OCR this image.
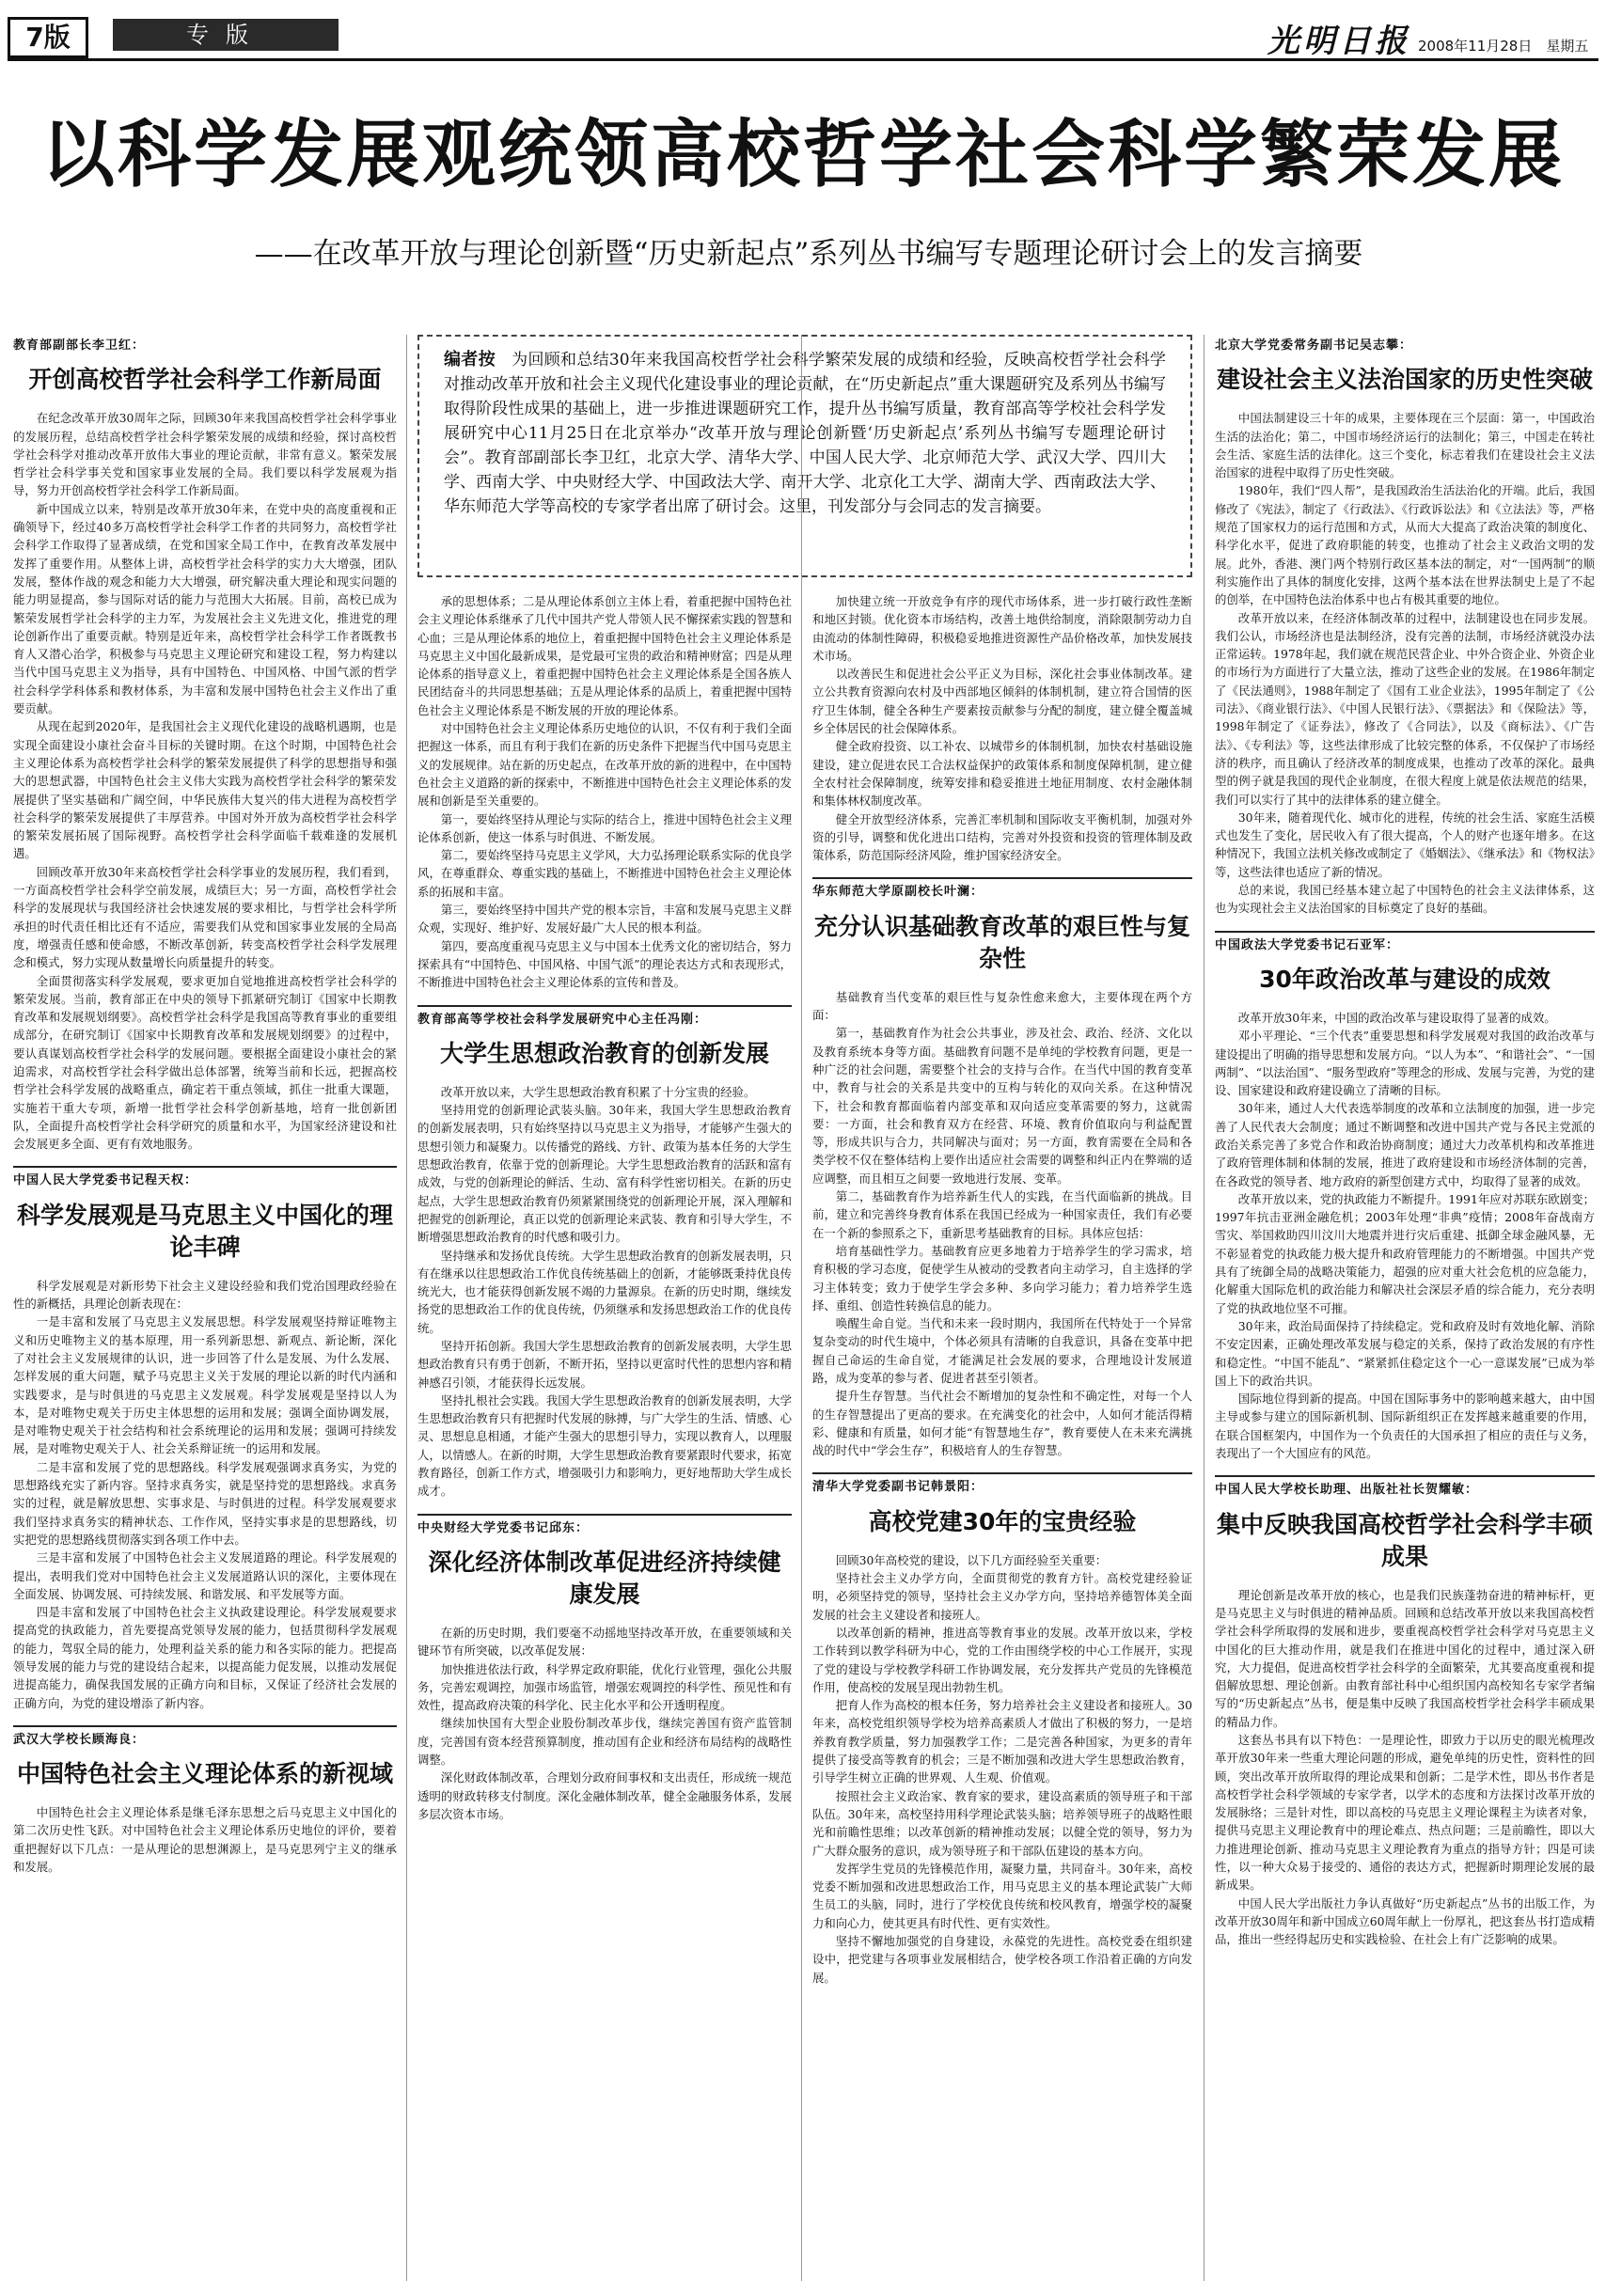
7版	专版	光明日报 2008年11月28日　星期五
以科学发展观统领高校哲学社会科学繁荣发展
——在改革开放与理论创新暨“历史新起点”系列丛书编写专题理论研讨会上的发言摘要
编者按　 为回顾和总结30年来我国高校哲学社会科学繁荣发展的成绩和经验，反映高校哲学社会科学对推动改革开放和社会主义现代化建设事业的理论贡献，在“历史新起点”重大课题研究及系列丛书编写取得阶段性成果的基础上，进一步推进课题研究工作，提升丛书编写质量，教育部高等学校社会科学发展研究中心11月25日在北京举办“改革开放与理论创新暨‘历史新起点’系列丛书编写专题理论研讨会”。教育部副部长李卫红，北京大学、清华大学、中国人民大学、北京师范大学、武汉大学、四川大学、西南大学、中央财经大学、中国政法大学、南开大学、北京化工大学、湖南大学、西南政法大学、华东师范大学等高校的专家学者出席了研讨会。这里，刊发部分与会同志的发言摘要。
教育部副部长李卫红：
开创高校哲学社会科学工作新局面

在纪念改革开放30周年之际，回顾30年来我国高校哲学社会科学事业的发展历程，总结高校哲学社会科学繁荣发展的成绩和经验，探讨高校哲学社会科学对推动改革开放伟大事业的理论贡献，非常有意义。繁荣发展哲学社会科学事关党和国家事业发展的全局。我们要以科学发展观为指导，努力开创高校哲学社会科学工作新局面。

新中国成立以来，特别是改革开放30年来，在党中央的高度重视和正确领导下，经过40多万高校哲学社会科学工作者的共同努力，高校哲学社会科学工作取得了显著成绩，在党和国家全局工作中，在教育改革发展中发挥了重要作用。从整体上讲，高校哲学社会科学的实力大大增强，团队发展，整体作战的观念和能力大大增强，研究解决重大理论和现实问题的能力明显提高，参与国际对话的能力与范围大大拓展。目前，高校已成为繁荣发展哲学社会科学的主力军，为发展社会主义先进文化，推进党的理论创新作出了重要贡献。特别是近年来，高校哲学社会科学工作者既教书育人又潜心治学，积极参与马克思主义理论研究和建设工程，努力构建以当代中国马克思主义为指导，具有中国特色、中国风格、中国气派的哲学社会科学学科体系和教材体系，为丰富和发展中国特色社会主义作出了重要贡献。

从现在起到2020年，是我国社会主义现代化建设的战略机遇期，也是实现全面建设小康社会奋斗目标的关键时期。在这个时期，中国特色社会主义理论体系为高校哲学社会科学的繁荣发展提供了科学的思想指导和强大的思想武器，中国特色社会主义伟大实践为高校哲学社会科学的繁荣发展提供了坚实基础和广阔空间，中华民族伟大复兴的伟大进程为高校哲学社会科学的繁荣发展提供了丰厚营养。中国对外开放为高校哲学社会科学的繁荣发展拓展了国际视野。高校哲学社会科学面临千载难逢的发展机遇。

回顾改革开放30年来高校哲学社会科学事业的发展历程，我们看到，一方面高校哲学社会科学空前发展，成绩巨大；另一方面，高校哲学社会科学的发展现状与我国经济社会快速发展的要求相比，与哲学社会科学所承担的时代责任相比还有不适应，需要我们从党和国家事业发展的全局高度，增强责任感和使命感，不断改革创新，转变高校哲学社会科学发展理念和模式，努力实现从数量增长向质量提升的转变。

全面贯彻落实科学发展观，要求更加自觉地推进高校哲学社会科学的繁荣发展。当前，教育部正在中央的领导下抓紧研究制订《国家中长期教育改革和发展规划纲要》。高校哲学社会科学是我国高等教育事业的重要组成部分，在研究制订《国家中长期教育改革和发展规划纲要》的过程中，要认真谋划高校哲学社会科学的发展问题。要根据全面建设小康社会的紧迫需求，对高校哲学社会科学做出总体部署，统筹当前和长远，把握高校哲学社会科学发展的战略重点，确定若干重点领域，抓住一批重大课题，实施若干重大专项，新增一批哲学社会科学创新基地，培育一批创新团队，全面提升高校哲学社会科学研究的质量和水平，为国家经济建设和社会发展更多全面、更有有效地服务。

中国人民大学党委书记程天权：
科学发展观是马克思主义中国化的理论丰碑

科学发展观是对新形势下社会主义建设经验和我们党治国理政经验在性的新概括，具理论创新表现在：

一是丰富和发展了马克思主义发展思想。科学发展观坚持辩证唯物主义和历史唯物主义的基本原理，用一系列新思想、新观点、新论断，深化了对社会主义发展规律的认识，进一步回答了什么是发展、为什么发展、怎样发展的重大问题，赋予马克思主义关于发展的理论以新的时代内涵和实践要求，是与时俱进的马克思主义发展观。科学发展观是坚持以人为本，是对唯物史观关于历史主体思想的运用和发展；强调全面协调发展，是对唯物史观关于社会结构和社会系统理论的运用和发展；强调可持续发展，是对唯物史观关于人、社会关系辩证统一的运用和发展。

二是丰富和发展了党的思想路线。科学发展观强调求真务实，为党的思想路线充实了新内容。坚持求真务实，就是坚持党的思想路线。求真务实的过程，就是解放思想、实事求是、与时俱进的过程。科学发展观要求我们坚持求真务实的精神状态、工作作风，坚持实事求是的思想路线，切实把党的思想路线贯彻落实到各项工作中去。

三是丰富和发展了中国特色社会主义发展道路的理论。科学发展观的提出，表明我们党对中国特色社会主义发展道路认识的深化，主要体现在全面发展、协调发展、可持续发展、和谐发展、和平发展等方面。

四是丰富和发展了中国特色社会主义执政建设理论。科学发展观要求提高党的执政能力，首先要提高党领导发展的能力，包括贯彻科学发展观的能力，驾驭全局的能力，处理利益关系的能力和各实际的能力。把提高领导发展的能力与党的建设结合起来，以提高能力促发展，以推动发展促进提高能力，确保我国发展的正确方向和目标，又保证了经济社会发展的正确方向，为党的建设增添了新内容。

武汉大学校长顾海良：
中国特色社会主义理论体系的新视域

中国特色社会主义理论体系是继毛泽东思想之后马克思主义中国化的第二次历史性飞跃。对中国特色社会主义理论体系历史地位的评价，要着重把握好以下几点：一是从理论的思想渊源上，是马克思列宁主义的继承和发展。

承的思想体系；二是从理论体系创立主体上看，着重把握中国特色社会主义理论体系继承了几代中国共产党人带领人民不懈探索实践的智慧和心血；三是从理论体系的地位上，着重把握中国特色社会主义理论体系是马克思主义中国化最新成果，是党最可宝贵的政治和精神财富；四是从理论体系的指导意义上，着重把握中国特色社会主义理论体系是全国各族人民团结奋斗的共同思想基础；五是从理论体系的品质上，着重把握中国特色社会主义理论体系是不断发展的开放的理论体系。

对中国特色社会主义理论体系历史地位的认识，不仅有利于我们全面把握这一体系，而且有利于我们在新的历史条件下把握当代中国马克思主义的发展规律。站在新的历史起点，在改革开放的新的进程中，在中国特色社会主义道路的新的探索中，不断推进中国特色社会主义理论体系的发展和创新是至关重要的。

第一，要始终坚持从理论与实际的结合上，推进中国特色社会主义理论体系创新，使这一体系与时俱进、不断发展。

第二，要始终坚持马克思主义学风，大力弘扬理论联系实际的优良学风，在尊重群众、尊重实践的基础上，不断推进中国特色社会主义理论体系的拓展和丰富。

第三，要始终坚持中国共产党的根本宗旨，丰富和发展马克思主义群众观，实现好、维护好、发展好最广大人民的根本利益。

第四，要高度重视马克思主义与中国本土优秀文化的密切结合，努力探索具有“中国特色、中国风格、中国气派”的理论表达方式和表现形式，不断推进中国特色社会主义理论体系的宣传和普及。

教育部高等学校社会科学发展研究中心主任冯刚：
大学生思想政治教育的创新发展

改革开放以来，大学生思想政治教育积累了十分宝贵的经验。

坚持用党的创新理论武装头脑。30年来，我国大学生思想政治教育的创新发展表明，只有始终坚持以马克思主义为指导，才能够产生强大的思想引领力和凝聚力。以传播党的路线、方针、政策为基本任务的大学生思想政治教育，依靠于党的创新理论。大学生思想政治教育的活跃和富有成效，与党的创新理论的鲜活、生动、富有科学性密切相关。在新的历史起点，大学生思想政治教育仍须紧紧围绕党的创新理论开展，深入理解和把握党的创新理论，真正以党的创新理论来武装、教育和引导大学生，不断增强思想政治教育的时代感和吸引力。

坚持继承和发扬优良传统。大学生思想政治教育的创新发展表明，只有在继承以往思想政治工作优良传统基础上的创新，才能够既秉持优良传统光大，也才能获得创新发展不竭的力量源泉。在新的历史时期，继续发扬党的思想政治工作的优良传统，仍须继承和发扬思想政治工作的优良传统。

坚持开拓创新。我国大学生思想政治教育的创新发展表明，大学生思想政治教育只有勇于创新，不断开拓，坚持以更富时代性的思想内容和精神感召引领，才能获得长远发展。

坚持扎根社会实践。我国大学生思想政治教育的创新发展表明，大学生思想政治教育只有把握时代发展的脉搏，与广大学生的生活、情感、心灵、思想息息相通，才能产生强大的思想引导力，实现以教育人，以理服人，以情感人。在新的时期，大学生思想政治教育要紧跟时代要求，拓宽教育路径，创新工作方式，增强吸引力和影响力，更好地帮助大学生成长成才。

中央财经大学党委书记邱东：
深化经济体制改革促进经济持续健康发展

在新的历史时期，我们要毫不动摇地坚持改革开放，在重要领域和关键环节有所突破，以改革促发展：

加快推进依法行政，科学界定政府职能，优化行业管理，强化公共服务，完善宏观调控，加强市场监管，增强宏观调控的科学性、预见性和有效性，提高政府决策的科学化、民主化水平和公开透明程度。

继续加快国有大型企业股份制改革步伐，继续完善国有资产监管制度，完善国有资本经营预算制度，推动国有企业和经济布局结构的战略性调整。

深化财政体制改革，合理划分政府间事权和支出责任，形成统一规范透明的财政转移支付制度。深化金融体制改革，健全金融服务体系，发展多层次资本市场。

加快建立统一开放竞争有序的现代市场体系，进一步打破行政性垄断和地区封锁。优化资本市场结构，改善土地供给制度，消除限制劳动力自由流动的体制性障碍，积极稳妥地推进资源性产品价格改革，加快发展技术市场。

以改善民生和促进社会公平正义为目标，深化社会事业体制改革。建立公共教育资源向农村及中西部地区倾斜的体制机制，建立符合国情的医疗卫生体制，健全各种生产要素按贡献参与分配的制度，建立健全覆盖城乡全体居民的社会保障体系。

健全政府投资、以工补农、以城带乡的体制机制，加快农村基础设施建设，建立促进农民工合法权益保护的政策体系和制度保障机制，建立健全农村社会保障制度，统筹安排和稳妥推进土地征用制度、农村金融体制和集体林权制度改革。

健全开放型经济体系，完善汇率机制和国际收支平衡机制，加强对外资的引导，调整和优化进出口结构，完善对外投资和投资的管理体制及政策体系，防范国际经济风险，维护国家经济安全。

华东师范大学原副校长叶澜：
充分认识基础教育改革的艰巨性与复杂性

基础教育当代变革的艰巨性与复杂性愈来愈大，主要体现在两个方面：

第一，基础教育作为社会公共事业，涉及社会、政治、经济、文化以及教育系统本身等方面。基础教育问题不是单纯的学校教育问题，更是一种广泛的社会问题，需要整个社会的支持与合作。在当代中国的教育变革中，教育与社会的关系是共变中的互构与转化的双向关系。在这种情况下，社会和教育都面临着内部变革和双向适应变革需要的努力，这就需要：一方面，社会和教育双方在经营、环境、教育价值取向与利益配置等，形成共识与合力，共同解决与面对；另一方面，教育需要在全局和各类学校不仅在整体结构上要作出适应社会需要的调整和纠正内在弊端的适应调整，而且相互之间要一致地进行发展、变革。

第二，基础教育作为培养新生代人的实践，在当代面临新的挑战。目前，建立和完善终身教育体系在我国已经成为一种国家责任，我们有必要在一个新的参照系之下，重新思考基础教育的目标。具体应包括：

培育基础性学力。基础教育应更多地着力于培养学生的学习需求，培育积极的学习态度，促使学生从被动的受教者向主动学习，自主选择的学习主体转变；致力于使学生学会多种、多向学习能力；着力培养学生选择、重组、创造性转换信息的能力。

唤醒生命自觉。当代和未来一段时期内，我国所在代特处于一个异常复杂变动的时代生境中，个体必须具有清晰的自我意识，具备在变革中把握自己命运的生命自觉，才能满足社会发展的要求，合理地设计发展道路，成为变革的参与者、促进者甚至引领者。

提升生存智慧。当代社会不断增加的复杂性和不确定性，对每一个人的生存智慧提出了更高的要求。在充满变化的社会中，人如何才能活得精彩、健康和有质量，如何才能“有智慧地生存”，教育要使人在未来充满挑战的时代中“学会生存”，积极培育人的生存智慧。

清华大学党委副书记韩景阳：
高校党建30年的宝贵经验

回顾30年高校党的建设，以下几方面经验至关重要：

坚持社会主义办学方向，全面贯彻党的教育方针。高校党建经验证明，必须坚持党的领导，坚持社会主义办学方向，坚持培养德智体美全面发展的社会主义建设者和接班人。

以改革创新的精神，推进高等教育事业的发展。改革开放以来，学校工作转到以教学科研为中心，党的工作由围绕学校的中心工作展开，实现了党的建设与学校教学科研工作协调发展，充分发挥共产党员的先锋模范作用，使高校的发展呈现出勃勃生机。

把育人作为高校的根本任务，努力培养社会主义建设者和接班人。30年来，高校党组织领导学校为培养高素质人才做出了积极的努力，一是培养教育教学质量，努力加强教学工作；二是完善各种国家，为更多的青年提供了接受高等教育的机会；三是不断加强和改进大学生思想政治教育，引导学生树立正确的世界观、人生观、价值观。

按照社会主义政治家、教育家的要求，建设高素质的领导班子和干部队伍。30年来，高校坚持用科学理论武装头脑；培养领导班子的战略性眼光和前瞻性思维；以改革创新的精神推动发展；以健全党的领导，努力为广大群众服务的意识，成为领导班子和干部队伍建设的基本方向。

发挥学生党员的先锋模范作用，凝聚力量，共同奋斗。30年来，高校党委不断加强和改进思想政治工作，用马克思主义的基本理论武装广大师生员工的头脑，同时，进行了学校优良传统和校风教育，增强学校的凝聚力和向心力，使其更具有时代性、更有实效性。

坚持不懈地加强党的自身建设，永葆党的先进性。高校党委在组织建设中，把党建与各项事业发展相结合，使学校各项工作沿着正确的方向发展。

北京大学党委常务副书记吴志攀：
建设社会主义法治国家的历史性突破

中国法制建设三十年的成果，主要体现在三个层面：第一，中国政治生活的法治化；第二，中国市场经济运行的法制化；第三，中国走在转社会生活、家庭生活的法律化。这三个变化，标志着我们在建设社会主义法治国家的进程中取得了历史性突破。

1980年，我们“四人帮”，是我国政治生活法治化的开端。此后，我国修改了《宪法》，制定了《行政法》、《行政诉讼法》和《立法法》等，严格规范了国家权力的运行范围和方式，从而大大提高了政治决策的制度化、科学化水平，促进了政府职能的转变，也推动了社会主义政治文明的发展。此外，香港、澳门两个特别行政区基本法的制定，对“一国两制”的顺利实施作出了具体的制度化安排，这两个基本法在世界法制史上是了不起的创举，在中国特色法治体系中也占有极其重要的地位。

改革开放以来，在经济体制改革的过程中，法制建设也在同步发展。我们公认，市场经济也是法制经济，没有完善的法制，市场经济就没办法正常运转。1978年起，我们就在规范民营企业、中外合资企业、外资企业的市场行为方面进行了大量立法，推动了这些企业的发展。在1986年制定了《民法通则》，1988年制定了《国有工业企业法》，1995年制定了《公司法》、《商业银行法》、《中国人民银行法》、《票据法》和《保险法》等，1998年制定了《证券法》，修改了《合同法》，以及《商标法》、《广告法》、《专利法》等，这些法律形成了比较完整的体系，不仅保护了市场经济的秩序，而且确认了经济改革的制度成果，也推动了改革的深化。最典型的例子就是我国的现代企业制度，在很大程度上就是依法规范的结果，我们可以实行了其中的法律体系的建立健全。

30年来，随着现代化、城市化的进程，传统的社会生活、家庭生活模式也发生了变化，居民收入有了很大提高，个人的财产也逐年增多。在这种情况下，我国立法机关修改或制定了《婚姻法》、《继承法》和《物权法》等，这些法律也适应了新的情况。

总的来说，我国已经基本建立起了中国特色的社会主义法律体系，这也为实现社会主义法治国家的目标奠定了良好的基础。

中国政法大学党委书记石亚军：
30年政治改革与建设的成效

改革开放30年来，中国的政治改革与建设取得了显著的成效。

邓小平理论、“三个代表”重要思想和科学发展观对我国的政治改革与建设提出了明确的指导思想和发展方向。“以人为本”、“和谐社会”、“一国两制”、“以法治国”、“服务型政府”等理念的形成、发展与完善，为党的建设、国家建设和政府建设确立了清晰的目标。

30年来，通过人大代表选举制度的改革和立法制度的加强，进一步完善了人民代表大会制度；通过不断调整和改进中国共产党与各民主党派的政治关系完善了多党合作和政治协商制度；通过大力改革机构和改革推进了政府管理体制和体制的发展，推进了政府建设和市场经济体制的完善，在各政党的领导者、地方政府的新型创建方式中，均取得了显著的成效。

改革开放以来，党的执政能力不断提升。1991年应对苏联东欧剧变；1997年抗击亚洲金融危机；2003年处理“非典”疫情；2008年奋战南方雪灾、举国救助四川汶川大地震并进行灾后重建、抵御全球金融风暴，无不彰显着党的执政能力极大提升和政府管理能力的不断增强。中国共产党具有了统御全局的战略决策能力，超强的应对重大社会危机的应急能力，化解重大国际危机的政治能力和解决社会深层矛盾的综合能力，充分表明了党的执政地位坚不可摧。

30年来，政治局面保持了持续稳定。党和政府及时有效地化解、消除不安定因素，正确处理改革发展与稳定的关系，保持了政治发展的有序性和稳定性。“中国不能乱”、“紧紧抓住稳定这个一心一意谋发展”已成为举国上下的政治共识。

国际地位得到新的提高。中国在国际事务中的影响越来越大，由中国主导或参与建立的国际新机制、国际新组织正在发挥越来越重要的作用，在联合国框架内，中国作为一个负责任的大国承担了相应的责任与义务，表现出了一个大国应有的风范。

中国人民大学校长助理、出版社社长贺耀敏：
集中反映我国高校哲学社会科学丰硕成果

理论创新是改革开放的核心，也是我们民族蓬勃奋进的精神标杆，更是马克思主义与时俱进的精神品质。回顾和总结改革开放以来我国高校哲学社会科学所取得的发展和进步，要重视高校哲学社会科学对马克思主义中国化的巨大推动作用，就是我们在推进中国化的过程中，通过深入研究，大力提倡，促进高校哲学社会科学的全面繁荣，尤其要高度重视和提倡解放思想、理论创新。由教育部社科中心组织国内高校知名专家学者编写的“历史新起点”丛书，便是集中反映了我国高校哲学社会科学丰硕成果的精品力作。

这套丛书具有以下特色：一是理论性，即致力于以历史的眼光梳理改革开放30年来一些重大理论问题的形成，避免单纯的历史性，资料性的回顾，突出改革开放所取得的理论成果和创新；二是学术性，即丛书作者是高校哲学社会科学领域的专家学者，以学术的态度和方法探讨改革开放的发展脉络；三是针对性，即以高校的马克思主义理论课程主为读者对象，提供马克思主义理论教育中的理论难点、热点问题；三是前瞻性，即以大力推进理论创新、推动马克思主义理论教育为重点的指导方针；四是可读性，以一种大众易于接受的、通俗的表达方式，把握新时期理论发展的最新成果。

中国人民大学出版社力争认真做好“历史新起点”丛书的出版工作，为改革开放30周年和新中国成立60周年献上一份厚礼，把这套丛书打造成精品，推出一些经得起历史和实践检验、在社会上有广泛影响的成果。
